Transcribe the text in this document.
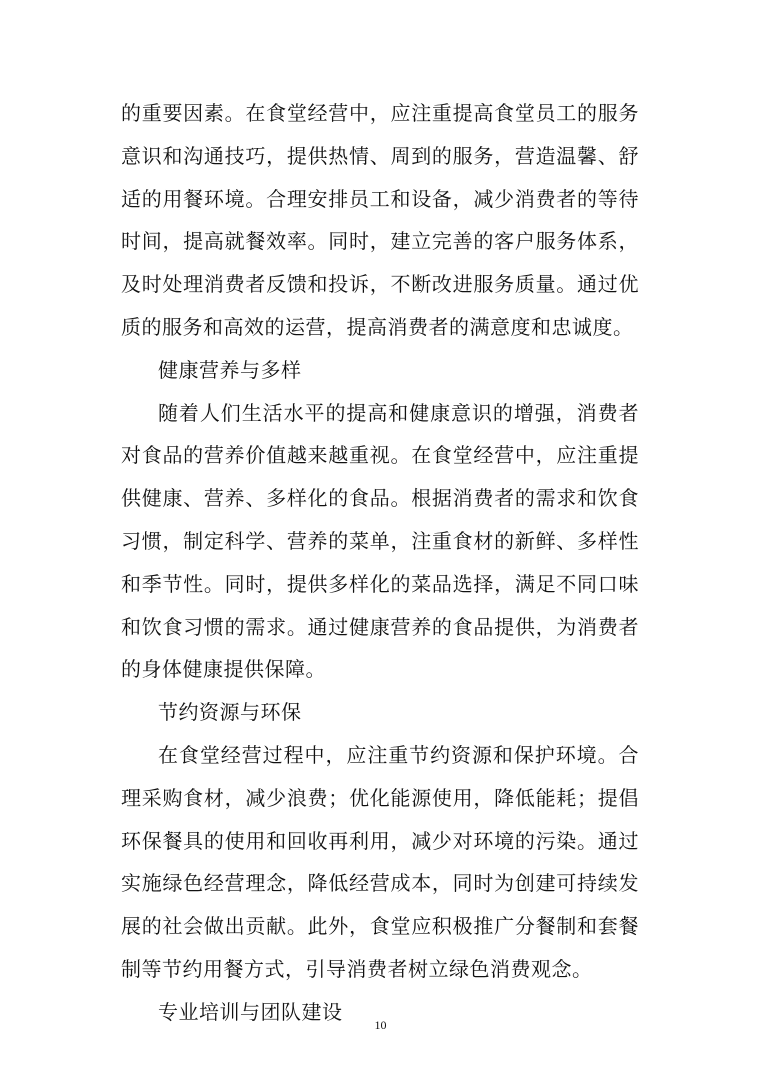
的重要因素。在食堂经营中，应注重提高食堂员工的服务意识和沟通技巧，提供热情、周到的服务，营造温馨、舒适的用餐环境。合理安排员工和设备，减少消费者的等待时间，提高就餐效率。同时，建立完善的客户服务体系，及时处理消费者反馈和投诉，不断改进服务质量。通过优质的服务和高效的运营，提高消费者的满意度和忠诚度。

健康营养与多样

随着人们生活水平的提高和健康意识的增强，消费者对食品的营养价值越来越重视。在食堂经营中，应注重提供健康、营养、多样化的食品。根据消费者的需求和饮食习惯，制定科学、营养的菜单，注重食材的新鲜、多样性和季节性。同时，提供多样化的菜品选择，满足不同口味和饮食习惯的需求。通过健康营养的食品提供，为消费者的身体健康提供保障。

节约资源与环保

在食堂经营过程中，应注重节约资源和保护环境。合理采购食材，减少浪费；优化能源使用，降低能耗；提倡环保餐具的使用和回收再利用，减少对环境的污染。通过实施绿色经营理念，降低经营成本，同时为创建可持续发展的社会做出贡献。此外，食堂应积极推广分餐制和套餐制等节约用餐方式，引导消费者树立绿色消费观念。

专业培训与团队建设

10
